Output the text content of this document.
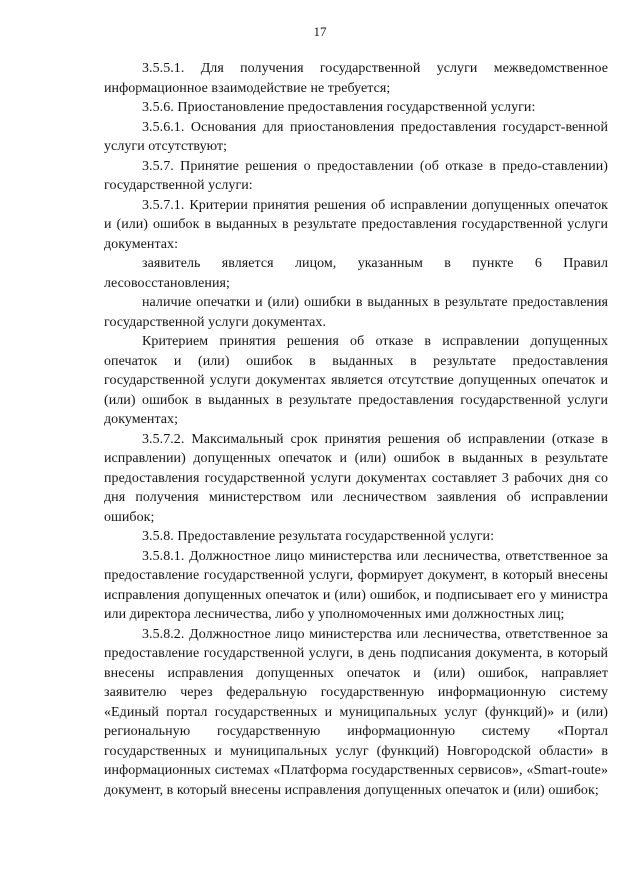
17

3.5.5.1. Для получения государственной услуги межведомственное информационное взаимодействие не требуется;

3.5.6. Приостановление предоставления государственной услуги:

3.5.6.1. Основания для приостановления предоставления государст-венной услуги отсутствуют;

3.5.7. Принятие решения о предоставлении (об отказе в предо-ставлении) государственной услуги:

3.5.7.1. Критерии принятия решения об исправлении допущенных опечаток и (или) ошибок в выданных в результате предоставления государственной услуги документах:

заявитель является лицом, указанным в пункте 6 Правил лесовосстановления;

наличие опечатки и (или) ошибки в выданных в результате предоставления государственной услуги документах.

Критерием принятия решения об отказе в исправлении допущенных опечаток и (или) ошибок в выданных в результате предоставления государственной услуги документах является отсутствие допущенных опечаток и (или) ошибок в выданных в результате предоставления государственной услуги документах;

3.5.7.2. Максимальный срок принятия решения об исправлении (отказе в исправлении) допущенных опечаток и (или) ошибок в выданных в результате предоставления государственной услуги документах составляет 3 рабочих дня со дня получения министерством или лесничеством заявления об исправлении ошибок;

3.5.8. Предоставление результата государственной услуги:

3.5.8.1. Должностное лицо министерства или лесничества, ответственное за предоставление государственной услуги, формирует документ, в который внесены исправления допущенных опечаток и (или) ошибок, и подписывает его у министра или директора лесничества, либо у уполномоченных ими должностных лиц;

3.5.8.2. Должностное лицо министерства или лесничества, ответственное за предоставление государственной услуги, в день подписания документа, в который внесены исправления допущенных опечаток и (или) ошибок, направляет заявителю через федеральную государственную информационную систему «Единый портал государственных и муниципальных услуг (функций)» и (или) региональную государственную информационную систему «Портал государственных и муниципальных услуг (функций) Новгородской области» в информационных системах «Платформа государственных сервисов», «Smart-route» документ, в который внесены исправления допущенных опечаток и (или) ошибок;
